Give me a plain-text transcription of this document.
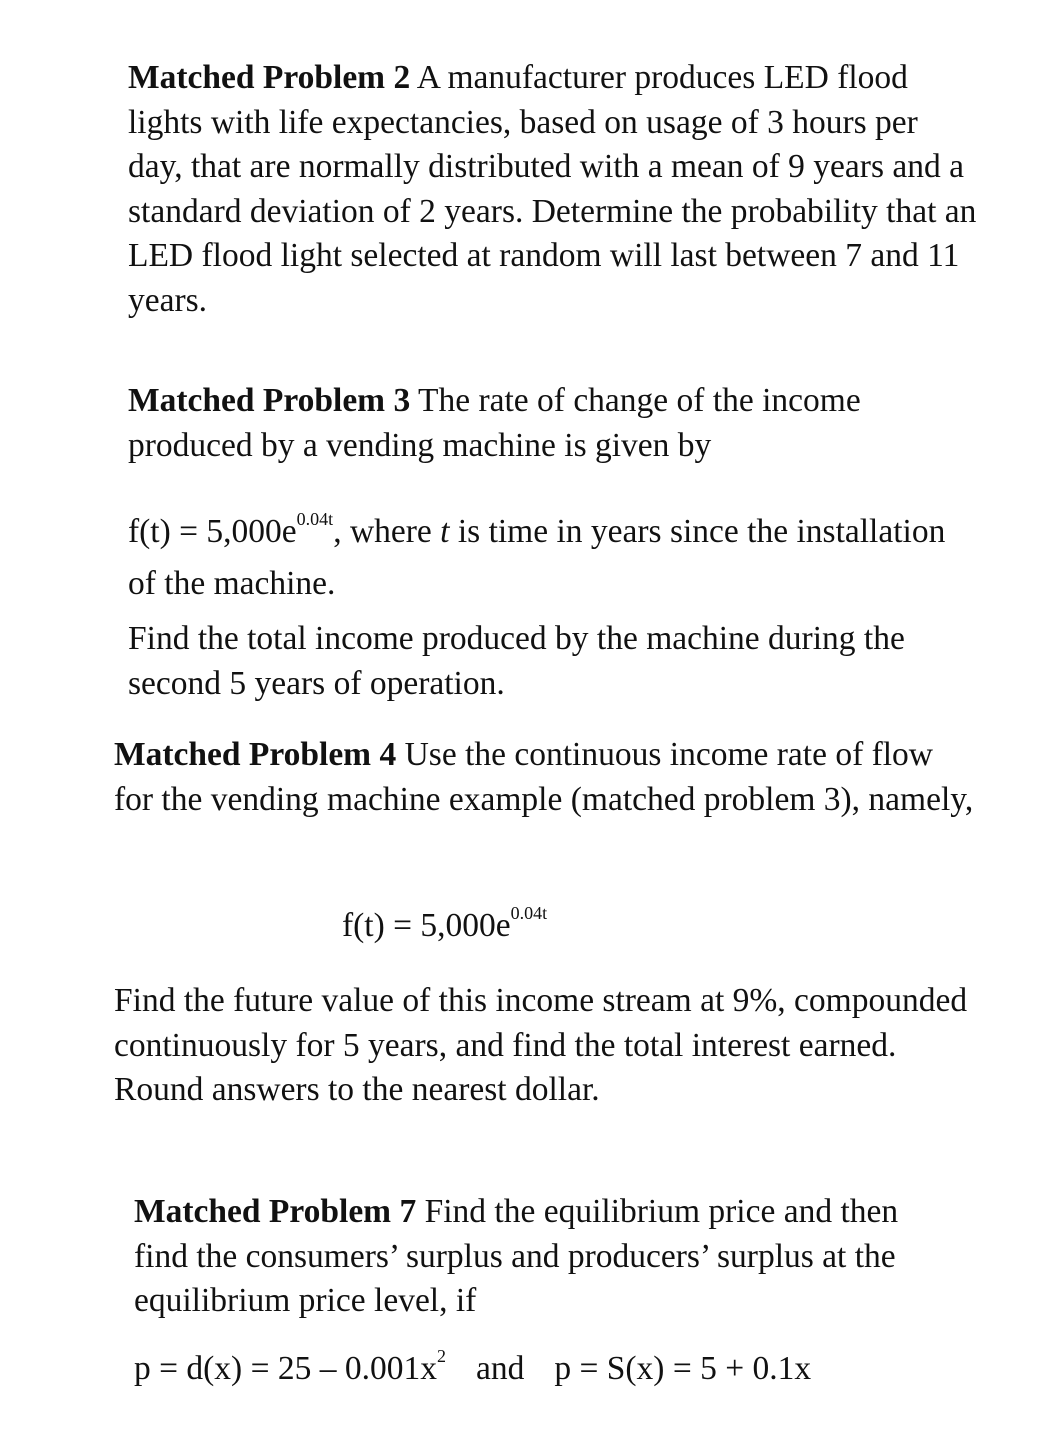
Matched Problem 2 A manufacturer produces LED flood lights with life expectancies, based on usage of 3 hours per day, that are normally distributed with a mean of 9 years and a standard deviation of 2 years. Determine the probability that an LED flood light selected at random will last between 7 and 11 years.

Matched Problem 3 The rate of change of the income produced by a vending machine is given by

$f(t) = 5,000e^{0.04t}$, where t is time in years since the installation of the machine.

Find the total income produced by the machine during the second 5 years of operation.

Matched Problem 4 Use the continuous income rate of flow for the vending machine example (matched problem 3), namely,

$f(t) = 5,000e^{0.04t}$

Find the future value of this income stream at 9%, compounded continuously for 5 years, and find the total interest earned. Round answers to the nearest dollar.

Matched Problem 7 Find the equilibrium price and then find the consumers’ surplus and producers’ surplus at the equilibrium price level, if

$p = d(x) = 25 - 0.001x^2$ and p = S(x) = 5 + 0.1x
